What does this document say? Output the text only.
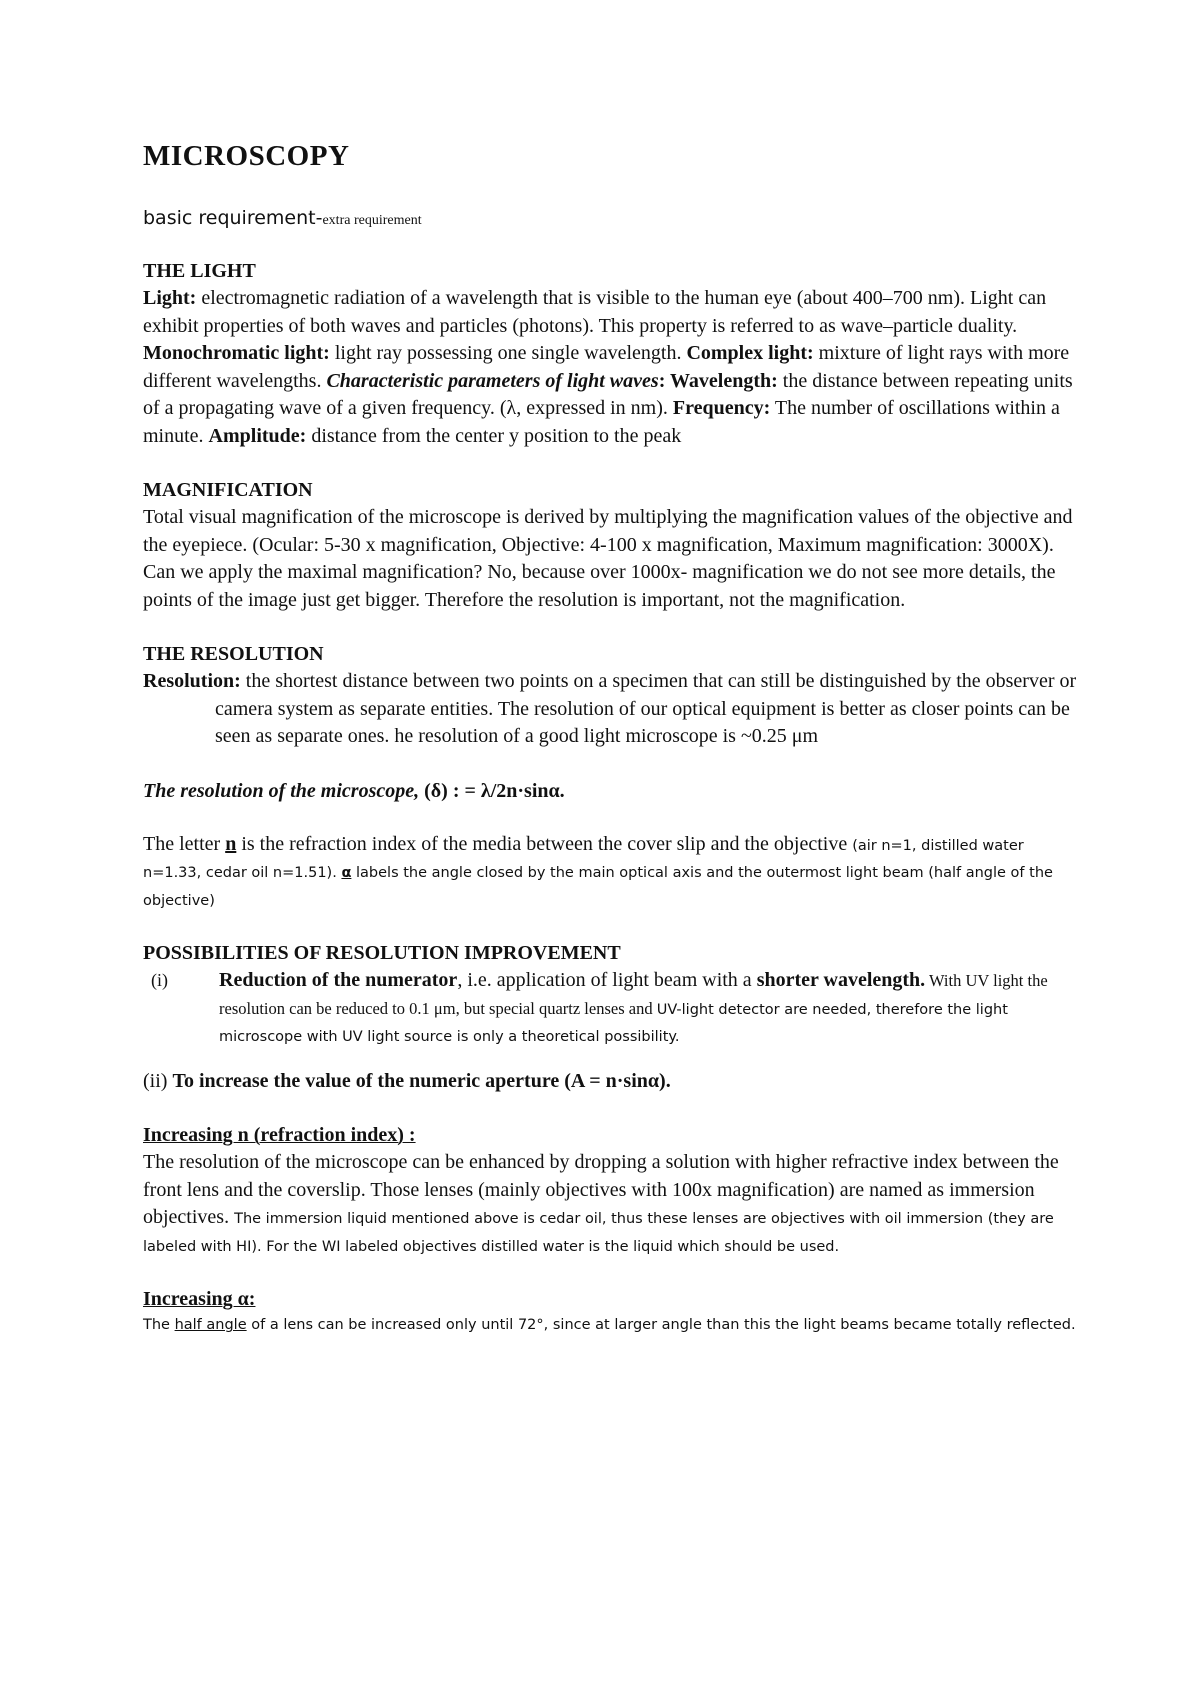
MICROSCOPY

basic requirement-extra requirement

THE LIGHT

Light: electromagnetic radiation of a wavelength that is visible to the human eye (about 400–700 nm). Light can exhibit properties of both waves and particles (photons). This property is referred to as wave–particle duality. Monochromatic light: light ray possessing one single wavelength. Complex light: mixture of light rays with more different wavelengths. Characteristic parameters of light waves: Wavelength: the distance between repeating units of a propagating wave of a given frequency. (λ, expressed in nm). Frequency: The number of oscillations within a minute. Amplitude: distance from the center y position to the peak

MAGNIFICATION

Total visual magnification of the microscope is derived by multiplying the magnification values of the objective and the eyepiece. (Ocular: 5-30 x magnification, Objective: 4-100 x magnification, Maximum magnification: 3000X). Can we apply the maximal magnification? No, because over 1000x- magnification we do not see more details, the points of the image just get bigger. Therefore the resolution is important, not the magnification.

THE RESOLUTION

Resolution: the shortest distance between two points on a specimen that can still be distinguished by the observer or camera system as separate entities. The resolution of our optical equipment is better as closer points can be seen as separate ones. he resolution of a good light microscope is ~0.25 μm

The resolution of the microscope, (δ) : = λ/2n·sinα.

The letter n is the refraction index of the media between the cover slip and the objective (air n=1, distilled water n=1.33, cedar oil n=1.51). α labels the angle closed by the main optical axis and the outermost light beam (half angle of the objective)

POSSIBILITIES OF RESOLUTION IMPROVEMENT
(i)	Reduction of the numerator, i.e. application of light beam with a shorter wavelength. With UV light the resolution can be reduced to 0.1 μm, but special quartz lenses and UV-light detector are needed, therefore the light microscope with UV light source is only a theoretical possibility.

(ii) To increase the value of the numeric aperture (A = n·sinα).

Increasing n (refraction index) :

The resolution of the microscope can be enhanced by dropping a solution with higher refractive index between the front lens and the coverslip. Those lenses (mainly objectives with 100x magnification) are named as immersion objectives. The immersion liquid mentioned above is cedar oil, thus these lenses are objectives with oil immersion (they are labeled with HI). For the WI labeled objectives distilled water is the liquid which should be used.

Increasing α:

The half angle of a lens can be increased only until 72°, since at larger angle than this the light beams became totally reflected.
